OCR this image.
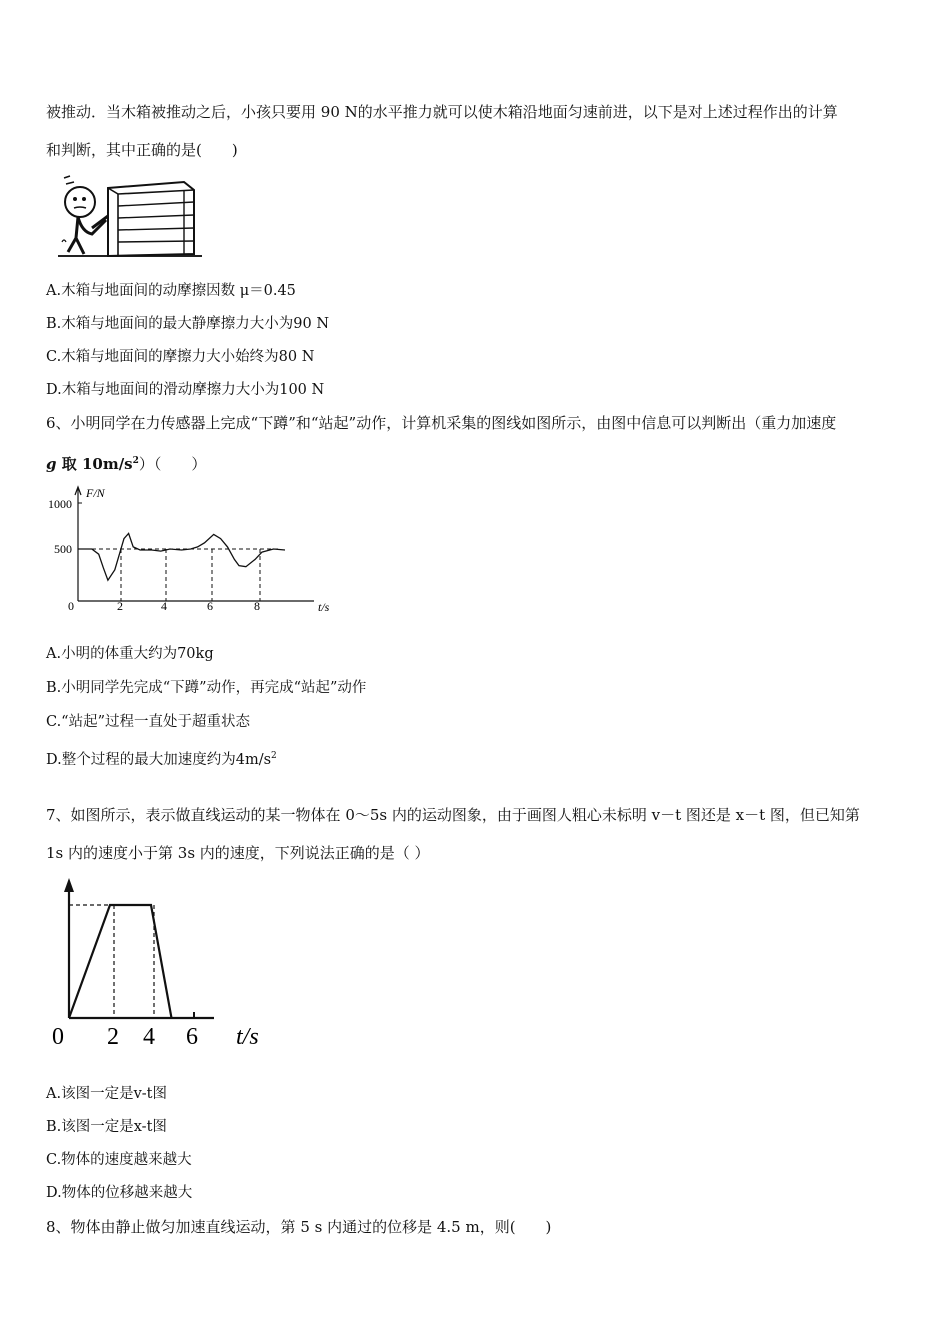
被推动．当木箱被推动之后，小孩只要用 90 N的水平推力就可以使木箱沿地面匀速前进，以下是对上述过程作出的计算
和判断，其中正确的是(　　)
A.木箱与地面间的动摩擦因数 μ＝0.45
B.木箱与地面间的最大静摩擦力大小为90 N
C.木箱与地面间的摩擦力大小始终为80 N
D.木箱与地面间的滑动摩擦力大小为100 N
6、小明同学在力传感器上完成“下蹲”和“站起”动作，计算机采集的图线如图所示，由图中信息可以判断出（重力加速度
g 取 $10m/s^2$）（　　）
F/N
t/s
1000
500
0	2	4	6	8
A.小明的体重大约为70kg
B.小明同学先完成“下蹲”动作，再完成“站起”动作
C.“站起”过程一直处于超重状态
D.整个过程的最大加速度约为$4m/s^2$
7、如图所示，表示做直线运动的某一物体在 0～5s 内的运动图象，由于画图人粗心未标明 v－t 图还是 x－t 图，但已知第
1s 内的速度小于第 3s 内的速度，下列说法正确的是（ ）
0 2 4 6 t/s
A.该图一定是v-t图
B.该图一定是x-t图
C.物体的速度越来越大
D.物体的位移越来越大
8、物体由静止做匀加速直线运动，第 5 s 内通过的位移是 4.5 m，则(　　)
